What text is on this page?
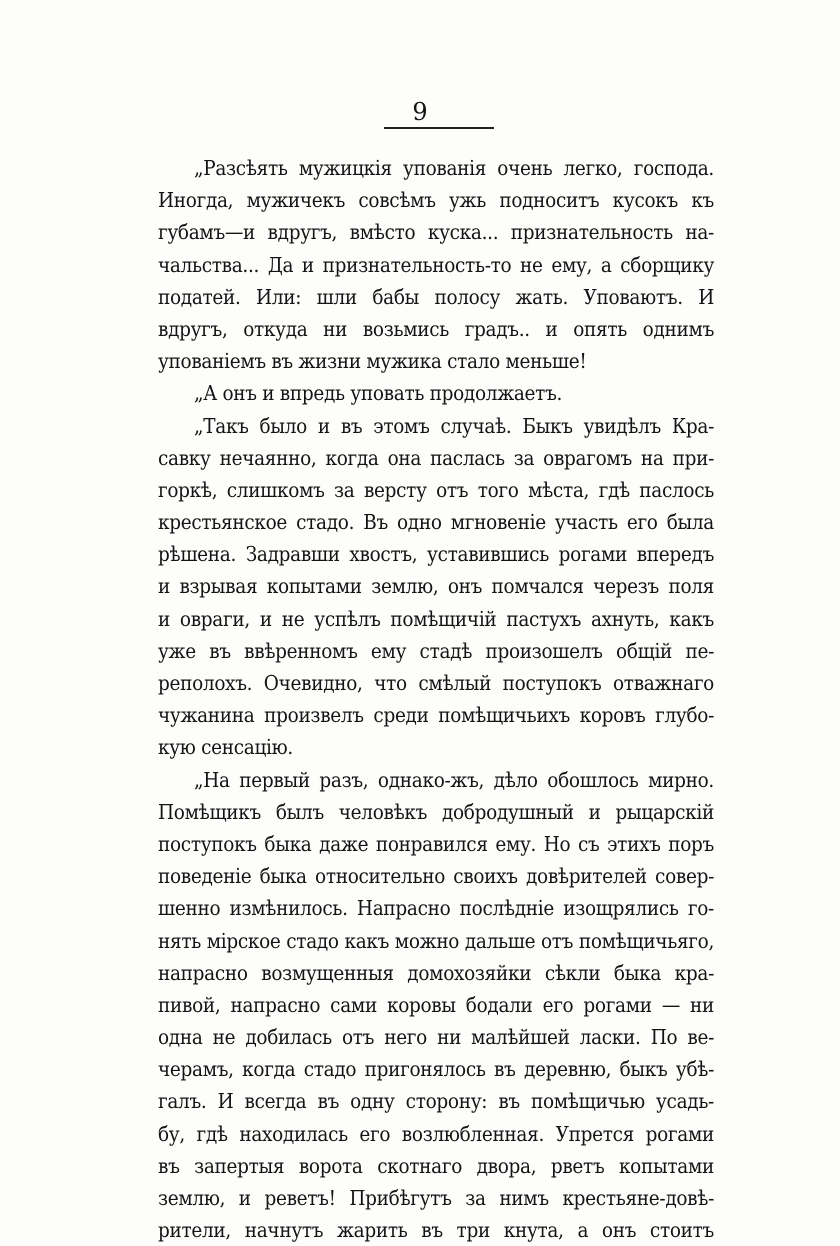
9
„Разсѣять мужицкія упованія очень легко, господа.
Иногда, мужичекъ совсѣмъ ужь подноситъ кусокъ къ
губамъ—и вдругъ, вмѣсто куска... признательность на-
чальства... Да и признательность-то не ему, а сборщику
податей. Или: шли бабы полосу жать. Уповаютъ. И
вдругъ, откуда ни возьмись градъ.. и опять однимъ
упованіемъ въ жизни мужика стало меньше!
„А онъ и впредь уповать продолжаетъ.
„Такъ было и въ этомъ случаѣ. Быкъ увидѣлъ Кра-
савку нечаянно, когда она паслась за оврагомъ на при-
горкѣ, слишкомъ за версту отъ того мѣста, гдѣ паслось
крестьянское стадо. Въ одно мгновеніе участь его была
рѣшена. Задравши хвостъ, уставившись рогами впередъ
и взрывая копытами землю, онъ помчался черезъ поля
и овраги, и не успѣлъ помѣщичій пастухъ ахнуть, какъ
уже въ ввѣренномъ ему стадѣ произошелъ общій пе-
реполохъ. Очевидно, что смѣлый поступокъ отважнаго
чужанина произвелъ среди помѣщичьихъ коровъ глубо-
кую сенсацію.
„На первый разъ, однако-жъ, дѣло обошлось мирно.
Помѣщикъ былъ человѣкъ добродушный и рыцарскій
поступокъ быка даже понравился ему. Но съ этихъ поръ
поведеніе быка относительно своихъ довѣрителей совер-
шенно измѣнилось. Напрасно послѣдніе изощрялись го-
нять мірское стадо какъ можно дальше отъ помѣщичьяго,
напрасно возмущенныя домохозяйки сѣкли быка кра-
пивой, напрасно сами коровы бодали его рогами — ни
одна не добилась отъ него ни малѣйшей ласки. По ве-
черамъ, когда стадо пригонялось въ деревню, быкъ убѣ-
галъ. И всегда въ одну сторону: въ помѣщичью усадь-
бу, гдѣ находилась его возлюбленная. Упрется рогами
въ запертыя ворота скотнаго двора, рветъ копытами
землю, и реветъ! Прибѣгутъ за нимъ крестьяне-довѣ-
рители, начнутъ жарить въ три кнута, а онъ стоитъ
